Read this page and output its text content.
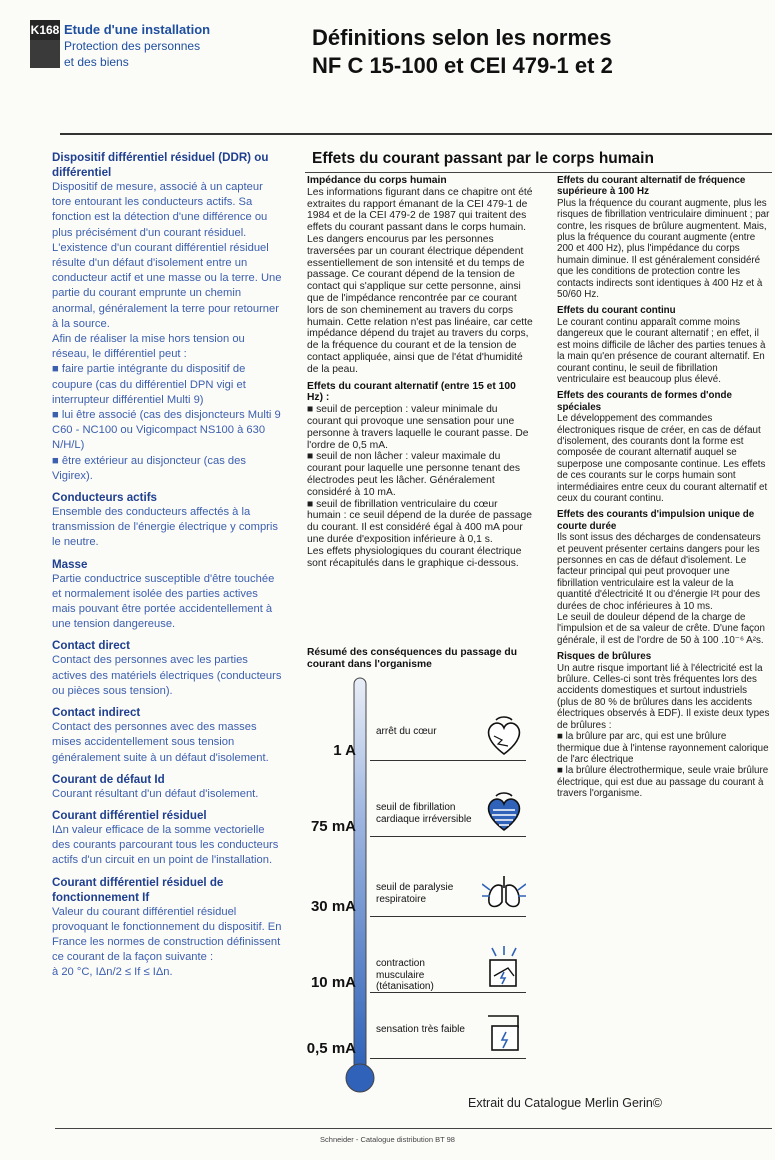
K168 Etude d'une installation
Protection des personnes
et des biens
Définitions selon les normes
NF C 15-100 et CEI 479-1 et 2
Dispositif différentiel résiduel (DDR) ou différentiel
Dispositif de mesure, associé à un capteur tore entourant les conducteurs actifs. Sa fonction est la détection d'une différence ou plus précisément d'un courant résiduel. L'existence d'un courant différentiel résiduel résulte d'un défaut d'isolement entre un conducteur actif et une masse ou la terre. Une partie du courant emprunte un chemin anormal, généralement la terre pour retourner à la source.
Afin de réaliser la mise hors tension ou réseau, le différentiel peut :
■ faire partie intégrante du dispositif de coupure (cas du différentiel DPN vigi et interrupteur différentiel Multi 9)
■ lui être associé (cas des disjoncteurs Multi 9 C60 - NC100 ou Vigicompact NS100 à 630 N/H/L)
■ être extérieur au disjoncteur (cas des Vigirex).
Conducteurs actifs
Ensemble des conducteurs affectés à la transmission de l'énergie électrique y compris le neutre.
Masse
Partie conductrice susceptible d'être touchée et normalement isolée des parties actives mais pouvant être portée accidentellement à une tension dangereuse.
Contact direct
Contact des personnes avec les parties actives des matériels électriques (conducteurs ou pièces sous tension).
Contact indirect
Contact des personnes avec des masses mises accidentellement sous tension généralement suite à un défaut d'isolement.
Courant de défaut Id
Courant résultant d'un défaut d'isolement.
Courant différentiel résiduel
IΔn valeur efficace de la somme vectorielle des courants parcourant tous les conducteurs actifs d'un circuit en un point de l'installation.
Courant différentiel résiduel de fonctionnement If
Valeur du courant différentiel résiduel provoquant le fonctionnement du dispositif. En France les normes de construction définissent ce courant de la façon suivante :
à 20 °C, IΔn/2 ≤ If ≤ IΔn.
Effets du courant passant par le corps humain
Impédance du corps humain
Les informations figurant dans ce chapitre ont été extraites du rapport émanant de la CEI 479-1 de 1984 et de la CEI 479-2 de 1987 qui traitent des effets du courant passant dans le corps humain.
Les dangers encourus par les personnes traversées par un courant électrique dépendent essentiellement de son intensité et du temps de passage. Ce courant dépend de la tension de contact qui s'applique sur cette personne, ainsi que de l'impédance rencontrée par ce courant lors de son cheminement au travers du corps humain. Cette relation n'est pas linéaire, car cette impédance dépend du trajet au travers du corps, de la fréquence du courant et de la tension de contact appliquée, ainsi que de l'état d'humidité de la peau.
Effets du courant alternatif (entre 15 et 100 Hz) :
■ seuil de perception : valeur minimale du courant qui provoque une sensation pour une personne à travers laquelle le courant passe. De l'ordre de 0,5 mA.
■ seuil de non lâcher : valeur maximale du courant pour laquelle une personne tenant des électrodes peut les lâcher. Généralement considéré à 10 mA.
■ seuil de fibrillation ventriculaire du cœur humain : ce seuil dépend de la durée de passage du courant. Il est considéré égal à 400 mA pour une durée d'exposition inférieure à 0,1 s.
Les effets physiologiques du courant électrique sont récapitulés dans le graphique ci-dessous.
Effets du courant alternatif de fréquence supérieure à 100 Hz
Plus la fréquence du courant augmente, plus les risques de fibrillation ventriculaire diminuent ; par contre, les risques de brûlure augmentent. Mais, plus la fréquence du courant augmente (entre 200 et 400 Hz), plus l'impédance du corps humain diminue. Il est généralement considéré que les conditions de protection contre les contacts indirects sont identiques à 400 Hz et à 50/60 Hz.
Effets du courant continu
Le courant continu apparaît comme moins dangereux que le courant alternatif ; en effet, il est moins difficile de lâcher des parties tenues à la main qu'en présence de courant alternatif. En courant continu, le seuil de fibrillation ventriculaire est beaucoup plus élevé.
Effets des courants de formes d'onde spéciales
Le développement des commandes électroniques risque de créer, en cas de défaut d'isolement, des courants dont la forme est composée de courant alternatif auquel se superpose une composante continue. Les effets de ces courants sur le corps humain sont intermédiaires entre ceux du courant alternatif et ceux du courant continu.
Effets des courants d'impulsion unique de courte durée
Ils sont issus des décharges de condensateurs et peuvent présenter certains dangers pour les personnes en cas de défaut d'isolement. Le facteur principal qui peut provoquer une fibrillation ventriculaire est la valeur de la quantité d'électricité It ou d'énergie I²t pour des durées de choc inférieures à 10 ms.
Le seuil de douleur dépend de la charge de l'impulsion et de sa valeur de crête. D'une façon générale, il est de l'ordre de 50 à 100 .10⁻⁶ A²s.
Risques de brûlures
Un autre risque important lié à l'électricité est la brûlure. Celles-ci sont très fréquentes lors des accidents domestiques et surtout industriels (plus de 80 % de brûlures dans les accidents électriques observés à EDF). Il existe deux types de brûlures :
■ la brûlure par arc, qui est une brûlure thermique due à l'intense rayonnement calorique de l'arc électrique
■ la brûlure électrothermique, seule vraie brûlure électrique, qui est due au passage du courant à travers l'organisme.
Résumé des conséquences du passage du courant dans l'organisme
1 A
arrêt du cœur
75 mA
seuil de fibrillation cardiaque irréversible
30 mA
seuil de paralysie respiratoire
10 mA
contraction musculaire (tétanisation)
0,5 mA
sensation très faible
Extrait du Catalogue Merlin Gerin©
Schneider - Catalogue distribution BT 98
